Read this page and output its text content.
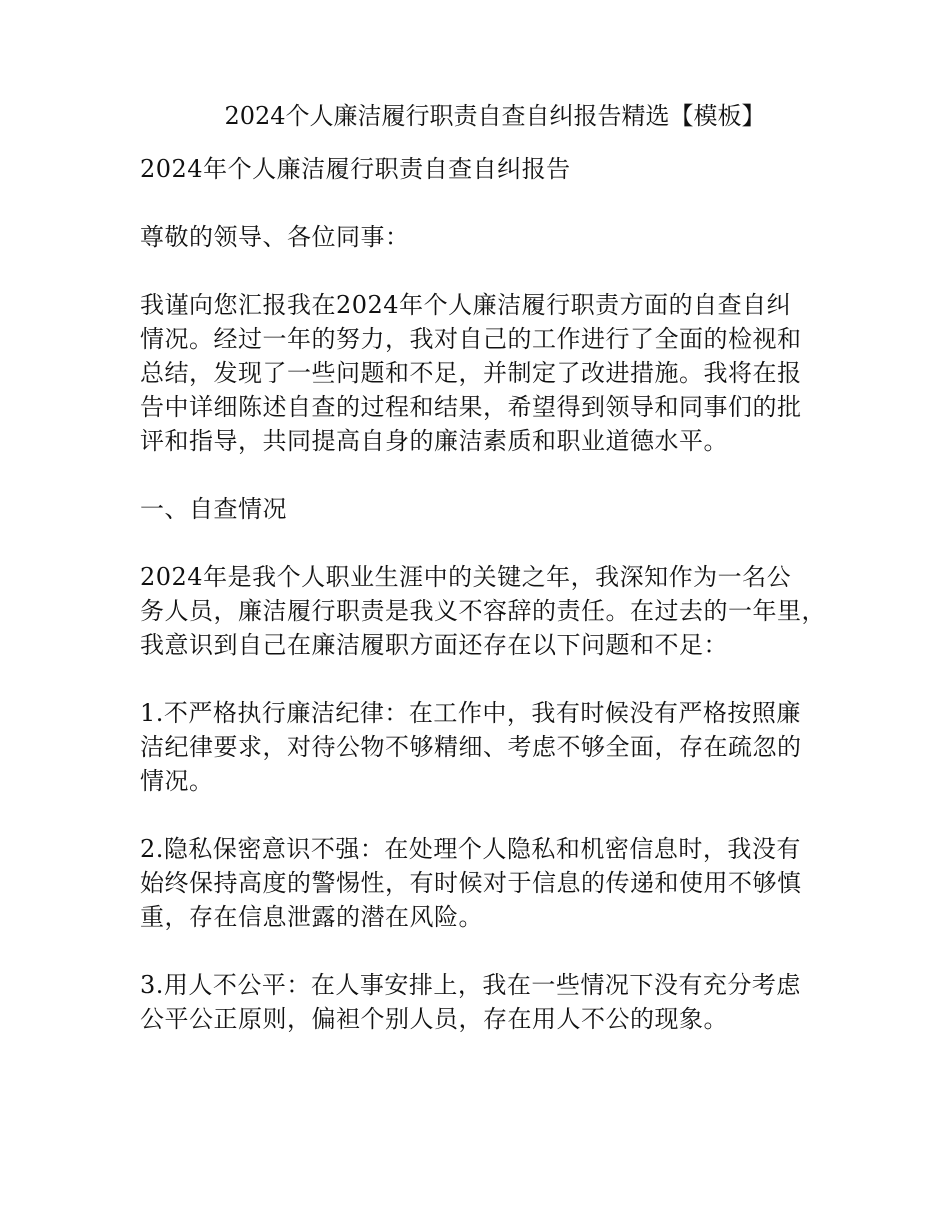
2024个人廉洁履行职责自查自纠报告精选【模板】

2024年个人廉洁履行职责自查自纠报告

尊敬的领导、各位同事：

我谨向您汇报我在2024年个人廉洁履行职责方面的自查自纠

情况。经过一年的努力，我对自己的工作进行了全面的检视和

总结，发现了一些问题和不足，并制定了改进措施。我将在报

告中详细陈述自查的过程和结果，希望得到领导和同事们的批

评和指导，共同提高自身的廉洁素质和职业道德水平。

一、自查情况

2024年是我个人职业生涯中的关键之年，我深知作为一名公

务人员，廉洁履行职责是我义不容辞的责任。在过去的一年里，

我意识到自己在廉洁履职方面还存在以下问题和不足：

1.不严格执行廉洁纪律：在工作中，我有时候没有严格按照廉

洁纪律要求，对待公物不够精细、考虑不够全面，存在疏忽的

情况。

2.隐私保密意识不强：在处理个人隐私和机密信息时，我没有

始终保持高度的警惕性，有时候对于信息的传递和使用不够慎

重，存在信息泄露的潜在风险。

3.用人不公平：在人事安排上，我在一些情况下没有充分考虑

公平公正原则，偏袒个别人员，存在用人不公的现象。
